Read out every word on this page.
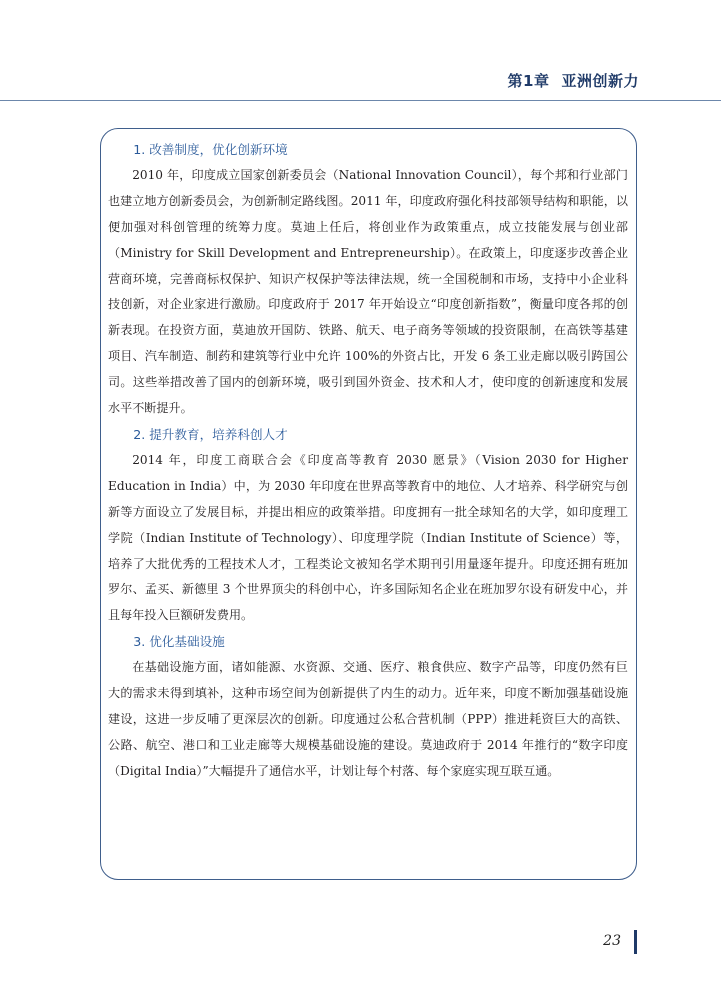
第1章 亚洲创新力
1. 改善制度，优化创新环境

2010 年，印度成立国家创新委员会（National Innovation Council），每个邦和行业部门也建立地方创新委员会，为创新制定路线图。2011 年，印度政府强化科技部领导结构和职能，以便加强对科创管理的统筹力度。莫迪上任后，将创业作为政策重点，成立技能发展与创业部（Ministry for Skill Development and Entrepreneurship）。在政策上，印度逐步改善企业营商环境，完善商标权保护、知识产权保护等法律法规，统一全国税制和市场，支持中小企业科技创新，对企业家进行激励。印度政府于 2017 年开始设立“印度创新指数”，衡量印度各邦的创新表现。在投资方面，莫迪放开国防、铁路、航天、电子商务等领域的投资限制，在高铁等基建项目、汽车制造、制药和建筑等行业中允许 100%的外资占比，开发 6 条工业走廊以吸引跨国公司。这些举措改善了国内的创新环境，吸引到国外资金、技术和人才，使印度的创新速度和发展水平不断提升。

2. 提升教育，培养科创人才

2014 年，印度工商联合会《印度高等教育 2030 愿景》（Vision 2030 for Higher Education in India）中，为 2030 年印度在世界高等教育中的地位、人才培养、科学研究与创新等方面设立了发展目标，并提出相应的政策举措。印度拥有一批全球知名的大学，如印度理工学院（Indian Institute of Technology）、印度理学院（Indian Institute of Science）等，培养了大批优秀的工程技术人才，工程类论文被知名学术期刊引用量逐年提升。印度还拥有班加罗尔、孟买、新德里 3 个世界顶尖的科创中心，许多国际知名企业在班加罗尔设有研发中心，并且每年投入巨额研发费用。

3. 优化基础设施

在基础设施方面，诸如能源、水资源、交通、医疗、粮食供应、数字产品等，印度仍然有巨大的需求未得到填补，这种市场空间为创新提供了内生的动力。近年来，印度不断加强基础设施建设，这进一步反哺了更深层次的创新。印度通过公私合营机制（PPP）推进耗资巨大的高铁、公路、航空、港口和工业走廊等大规模基础设施的建设。莫迪政府于 2014 年推行的“数字印度（Digital India）”大幅提升了通信水平，计划让每个村落、每个家庭实现互联互通。

23
